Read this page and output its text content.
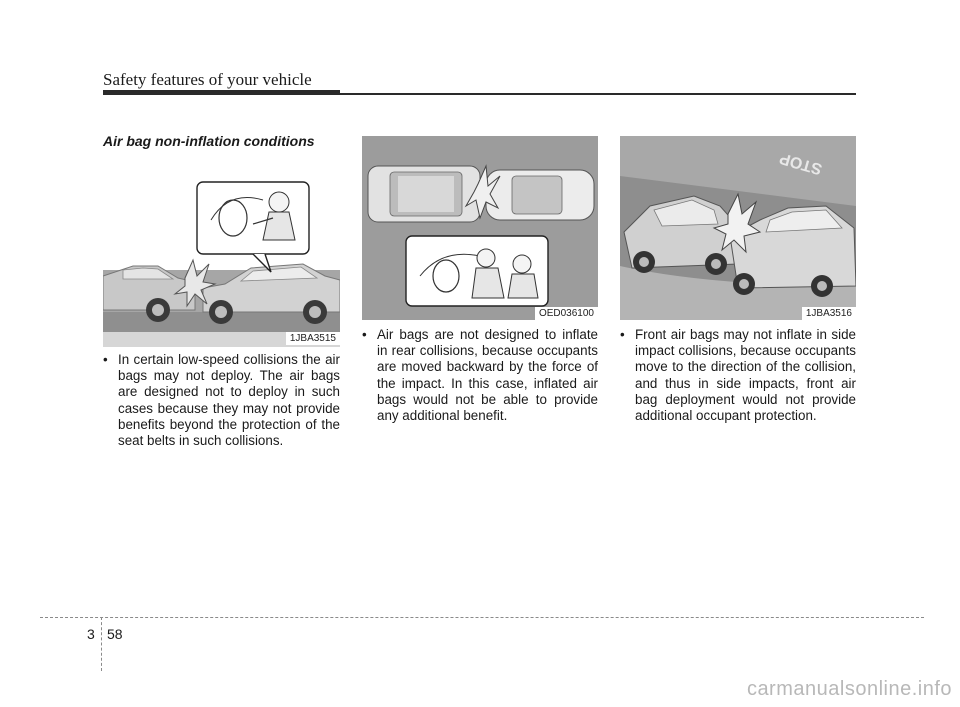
Safety features of your vehicle
Air bag non-inflation conditions
1JBA3515
OED036100
STOP
1JBA3516
• In certain low-speed collisions the air bags may not deploy. The air bags are designed not to deploy in such cases because they may not provide benefits beyond the protection of the seat belts in such collisions.
• Air bags are not designed to inflate in rear collisions, because occupants are moved backward by the force of the impact. In this case, inflated air bags would not be able to provide any additional benefit.
• Front air bags may not inflate in side impact collisions, because occupants move to the direction of the collision, and thus in side impacts, front air bag deployment would not provide additional occupant protection.
3 58
carmanualsonline.info
